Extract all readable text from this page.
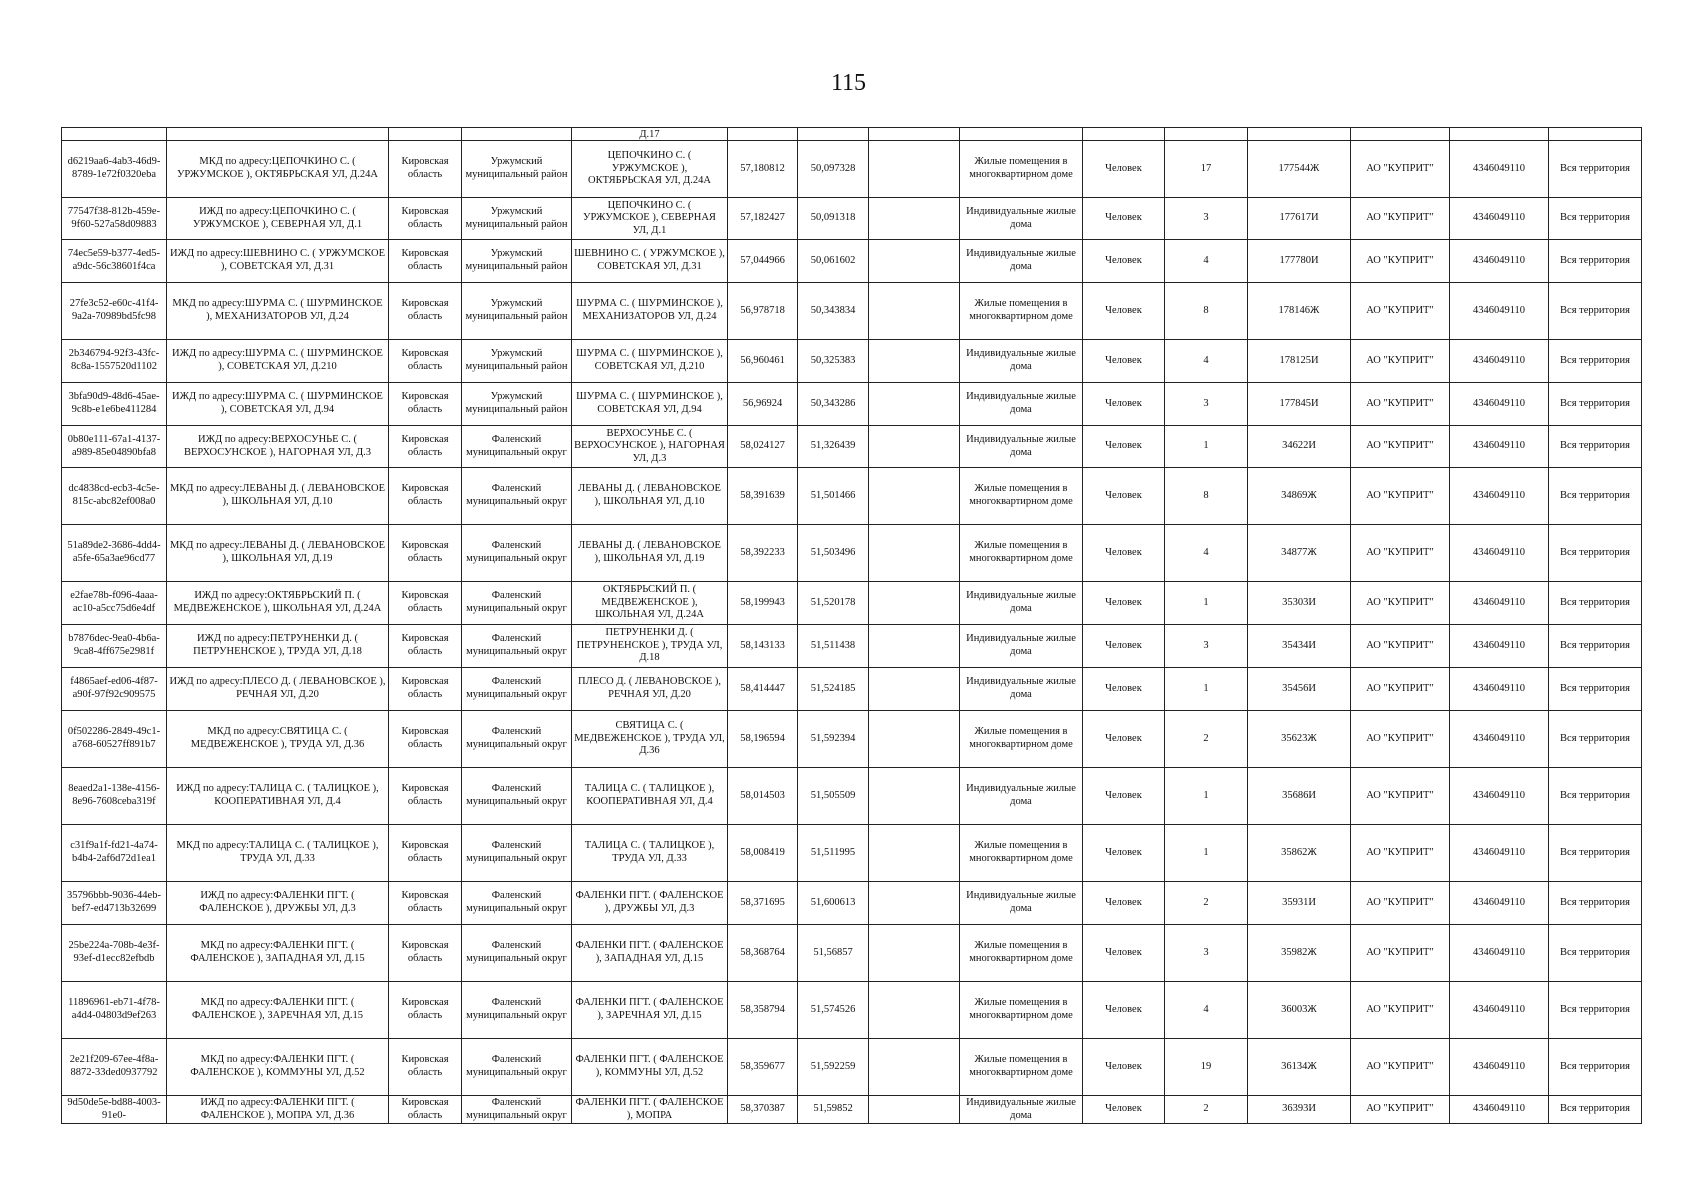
115
				Д.17										
d6219aa6-4ab3-46d9-8789-1e72f0320eba	МКД по адресу:ЦЕПОЧКИНО С. ( УРЖУМСКОЕ ), ОКТЯБРЬСКАЯ УЛ, Д.24А	Кировская область	Уржумский муниципальный район	ЦЕПОЧКИНО С. ( УРЖУМСКОЕ ), ОКТЯБРЬСКАЯ УЛ, Д.24А	57,180812	50,097328		Жилые помещения в многоквартирном доме	Человек	17	177544Ж	АО "КУПРИТ"	4346049110	Вся территория
77547f38-812b-459e-9f60-527a58d09883	ИЖД по адресу:ЦЕПОЧКИНО С. ( УРЖУМСКОЕ ), СЕВЕРНАЯ УЛ, Д.1	Кировская область	Уржумский муниципальный район	ЦЕПОЧКИНО С. ( УРЖУМСКОЕ ), СЕВЕРНАЯ УЛ, Д.1	57,182427	50,091318		Индивидуальные жилые дома	Человек	3	177617И	АО "КУПРИТ"	4346049110	Вся территория
74ec5e59-b377-4ed5-a9dc-56c38601f4ca	ИЖД по адресу:ШЕВНИНО С. ( УРЖУМСКОЕ ), СОВЕТСКАЯ УЛ, Д.31	Кировская область	Уржумский муниципальный район	ШЕВНИНО С. ( УРЖУМСКОЕ ), СОВЕТСКАЯ УЛ, Д.31	57,044966	50,061602		Индивидуальные жилые дома	Человек	4	177780И	АО "КУПРИТ"	4346049110	Вся территория
27fe3c52-e60c-41f4-9a2a-70989bd5fc98	МКД по адресу:ШУРМА С. ( ШУРМИНСКОЕ ), МЕХАНИЗАТОРОВ УЛ, Д.24	Кировская область	Уржумский муниципальный район	ШУРМА С. ( ШУРМИНСКОЕ ), МЕХАНИЗАТОРОВ УЛ, Д.24	56,978718	50,343834		Жилые помещения в многоквартирном доме	Человек	8	178146Ж	АО "КУПРИТ"	4346049110	Вся территория
2b346794-92f3-43fc-8c8a-1557520d1102	ИЖД по адресу:ШУРМА С. ( ШУРМИНСКОЕ ), СОВЕТСКАЯ УЛ, Д.210	Кировская область	Уржумский муниципальный район	ШУРМА С. ( ШУРМИНСКОЕ ), СОВЕТСКАЯ УЛ, Д.210	56,960461	50,325383		Индивидуальные жилые дома	Человек	4	178125И	АО "КУПРИТ"	4346049110	Вся территория
3bfa90d9-48d6-45ae-9c8b-e1e6be411284	ИЖД по адресу:ШУРМА С. ( ШУРМИНСКОЕ ), СОВЕТСКАЯ УЛ, Д.94	Кировская область	Уржумский муниципальный район	ШУРМА С. ( ШУРМИНСКОЕ ), СОВЕТСКАЯ УЛ, Д.94	56,96924	50,343286		Индивидуальные жилые дома	Человек	3	177845И	АО "КУПРИТ"	4346049110	Вся территория
0b80e111-67a1-4137-a989-85e04890bfa8	ИЖД по адресу:ВЕРХОСУНЬЕ С. ( ВЕРХОСУНСКОЕ ), НАГОРНАЯ УЛ, Д.3	Кировская область	Фаленский муниципальный округ	ВЕРХОСУНЬЕ С. ( ВЕРХОСУНСКОЕ ), НАГОРНАЯ УЛ, Д.3	58,024127	51,326439		Индивидуальные жилые дома	Человек	1	34622И	АО "КУПРИТ"	4346049110	Вся территория
dc4838cd-ecb3-4c5e-815c-abc82ef008a0	МКД по адресу:ЛЕВАНЫ Д. ( ЛЕВАНОВСКОЕ ), ШКОЛЬНАЯ УЛ, Д.10	Кировская область	Фаленский муниципальный округ	ЛЕВАНЫ Д. ( ЛЕВАНОВСКОЕ ), ШКОЛЬНАЯ УЛ, Д.10	58,391639	51,501466		Жилые помещения в многоквартирном доме	Человек	8	34869Ж	АО "КУПРИТ"	4346049110	Вся территория
51a89de2-3686-4dd4-a5fe-65a3ae96cd77	МКД по адресу:ЛЕВАНЫ Д. ( ЛЕВАНОВСКОЕ ), ШКОЛЬНАЯ УЛ, Д.19	Кировская область	Фаленский муниципальный округ	ЛЕВАНЫ Д. ( ЛЕВАНОВСКОЕ ), ШКОЛЬНАЯ УЛ, Д.19	58,392233	51,503496		Жилые помещения в многоквартирном доме	Человек	4	34877Ж	АО "КУПРИТ"	4346049110	Вся территория
e2fae78b-f096-4aaa-ac10-a5cc75d6e4df	ИЖД по адресу:ОКТЯБРЬСКИЙ П. ( МЕДВЕЖЕНСКОЕ ), ШКОЛЬНАЯ УЛ, Д.24А	Кировская область	Фаленский муниципальный округ	ОКТЯБРЬСКИЙ П. ( МЕДВЕЖЕНСКОЕ ), ШКОЛЬНАЯ УЛ, Д.24А	58,199943	51,520178		Индивидуальные жилые дома	Человек	1	35303И	АО "КУПРИТ"	4346049110	Вся территория
b7876dec-9ea0-4b6a-9ca8-4ff675e2981f	ИЖД по адресу:ПЕТРУНЕНКИ Д. ( ПЕТРУНЕНСКОЕ ), ТРУДА УЛ, Д.18	Кировская область	Фаленский муниципальный округ	ПЕТРУНЕНКИ Д. ( ПЕТРУНЕНСКОЕ ), ТРУДА УЛ, Д.18	58,143133	51,511438		Индивидуальные жилые дома	Человек	3	35434И	АО "КУПРИТ"	4346049110	Вся территория
f4865aef-ed06-4f87-a90f-97f92c909575	ИЖД по адресу:ПЛЕСО Д. ( ЛЕВАНОВСКОЕ ), РЕЧНАЯ УЛ, Д.20	Кировская область	Фаленский муниципальный округ	ПЛЕСО Д. ( ЛЕВАНОВСКОЕ ), РЕЧНАЯ УЛ, Д.20	58,414447	51,524185		Индивидуальные жилые дома	Человек	1	35456И	АО "КУПРИТ"	4346049110	Вся территория
0f502286-2849-49c1-a768-60527ff891b7	МКД по адресу:СВЯТИЦА С. ( МЕДВЕЖЕНСКОЕ ), ТРУДА УЛ, Д.36	Кировская область	Фаленский муниципальный округ	СВЯТИЦА С. ( МЕДВЕЖЕНСКОЕ ), ТРУДА УЛ, Д.36	58,196594	51,592394		Жилые помещения в многоквартирном доме	Человек	2	35623Ж	АО "КУПРИТ"	4346049110	Вся территория
8eaed2a1-138e-4156-8e96-7608ceba319f	ИЖД по адресу:ТАЛИЦА С. ( ТАЛИЦКОЕ ), КООПЕРАТИВНАЯ УЛ, Д.4	Кировская область	Фаленский муниципальный округ	ТАЛИЦА С. ( ТАЛИЦКОЕ ), КООПЕРАТИВНАЯ УЛ, Д.4	58,014503	51,505509		Индивидуальные жилые дома	Человек	1	35686И	АО "КУПРИТ"	4346049110	Вся территория
c31f9a1f-fd21-4a74-b4b4-2af6d72d1ea1	МКД по адресу:ТАЛИЦА С. ( ТАЛИЦКОЕ ), ТРУДА УЛ, Д.33	Кировская область	Фаленский муниципальный округ	ТАЛИЦА С. ( ТАЛИЦКОЕ ), ТРУДА УЛ, Д.33	58,008419	51,511995		Жилые помещения в многоквартирном доме	Человек	1	35862Ж	АО "КУПРИТ"	4346049110	Вся территория
35796bbb-9036-44eb-bef7-ed4713b32699	ИЖД по адресу:ФАЛЕНКИ ПГТ. ( ФАЛЕНСКОЕ ), ДРУЖБЫ УЛ, Д.3	Кировская область	Фаленский муниципальный округ	ФАЛЕНКИ ПГТ. ( ФАЛЕНСКОЕ ), ДРУЖБЫ УЛ, Д.3	58,371695	51,600613		Индивидуальные жилые дома	Человек	2	35931И	АО "КУПРИТ"	4346049110	Вся территория
25be224a-708b-4e3f-93ef-d1ecc82efbdb	МКД по адресу:ФАЛЕНКИ ПГТ. ( ФАЛЕНСКОЕ ), ЗАПАДНАЯ УЛ, Д.15	Кировская область	Фаленский муниципальный округ	ФАЛЕНКИ ПГТ. ( ФАЛЕНСКОЕ ), ЗАПАДНАЯ УЛ, Д.15	58,368764	51,56857		Жилые помещения в многоквартирном доме	Человек	3	35982Ж	АО "КУПРИТ"	4346049110	Вся территория
11896961-eb71-4f78-a4d4-04803d9ef263	МКД по адресу:ФАЛЕНКИ ПГТ. ( ФАЛЕНСКОЕ ), ЗАРЕЧНАЯ УЛ, Д.15	Кировская область	Фаленский муниципальный округ	ФАЛЕНКИ ПГТ. ( ФАЛЕНСКОЕ ), ЗАРЕЧНАЯ УЛ, Д.15	58,358794	51,574526		Жилые помещения в многоквартирном доме	Человек	4	36003Ж	АО "КУПРИТ"	4346049110	Вся территория
2e21f209-67ee-4f8a-8872-33ded0937792	МКД по адресу:ФАЛЕНКИ ПГТ. ( ФАЛЕНСКОЕ ), КОММУНЫ УЛ, Д.52	Кировская область	Фаленский муниципальный округ	ФАЛЕНКИ ПГТ. ( ФАЛЕНСКОЕ ), КОММУНЫ УЛ, Д.52	58,359677	51,592259		Жилые помещения в многоквартирном доме	Человек	19	36134Ж	АО "КУПРИТ"	4346049110	Вся территория
9d50de5e-bd88-4003-91e0-	ИЖД по адресу:ФАЛЕНКИ ПГТ. ( ФАЛЕНСКОЕ ), МОПРА УЛ, Д.36	Кировская область	Фаленский муниципальный округ	ФАЛЕНКИ ПГТ. ( ФАЛЕНСКОЕ ), МОПРА	58,370387	51,59852		Индивидуальные жилые дома	Человек	2	36393И	АО "КУПРИТ"	4346049110	Вся территория
